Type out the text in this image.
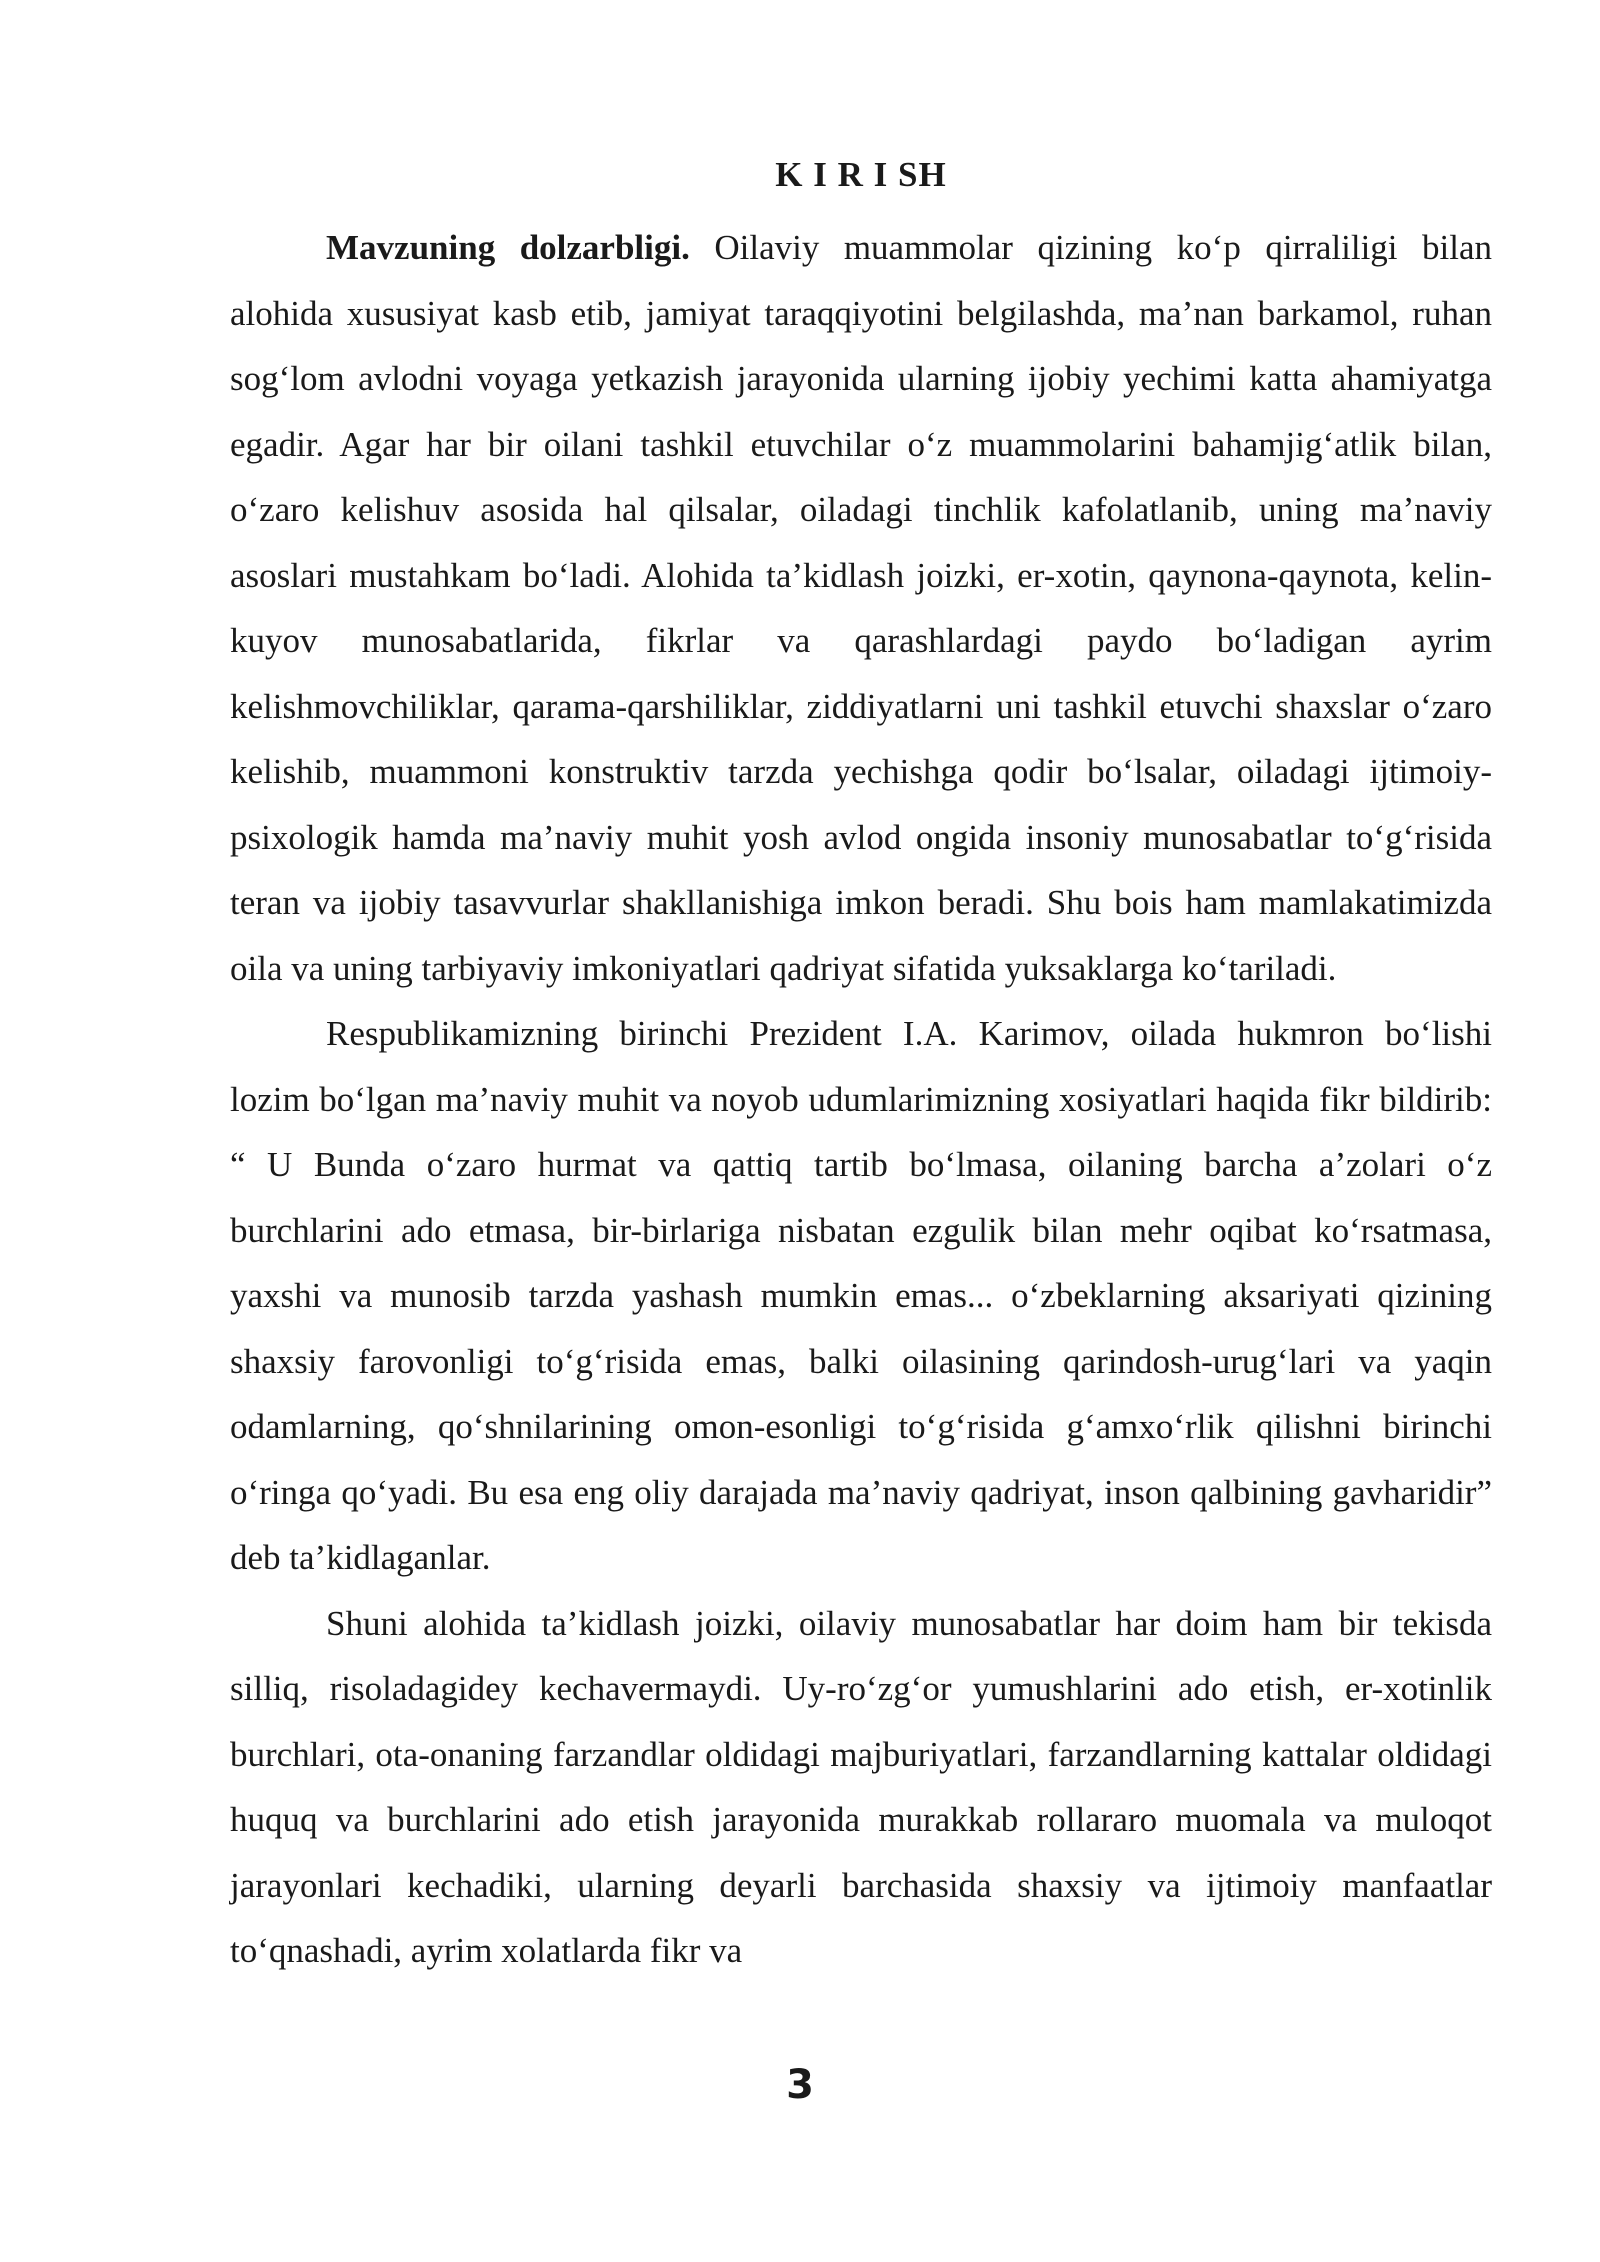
K I R I SH

Mavzuning dolzarbligi. Oilaviy muammolar qizining ko‘p qirraliligi bilan alohida xususiyat kasb etib, jamiyat taraqqiyotini belgilashda, ma’nan barkamol, ruhan sog‘lom avlodni voyaga yetkazish jarayonida ularning ijobiy yechimi katta ahamiyatga egadir. Agar har bir oilani tashkil etuvchilar o‘z muammolarini bahamjig‘atlik bilan, o‘zaro kelishuv asosida hal qilsalar, oiladagi tinchlik kafolatlanib, uning ma’naviy asoslari mustahkam bo‘ladi. Alohida ta’kidlash joizki, er-xotin, qaynona-qaynota, kelin-kuyov munosabatlarida, fikrlar va qarashlardagi paydo bo‘ladigan ayrim kelishmovchiliklar, qarama-qarshiliklar, ziddiyatlarni uni tashkil etuvchi shaxslar o‘zaro kelishib, muammoni konstruktiv tarzda yechishga qodir bo‘lsalar, oiladagi ijtimoiy-psixologik hamda ma’naviy muhit yosh avlod ongida insoniy munosabatlar to‘g‘risida teran va ijobiy tasavvurlar shakllanishiga imkon beradi. Shu bois ham mamlakatimizda oila va uning tarbiyaviy imkoniyatlari qadriyat sifatida yuksaklarga ko‘tariladi.

Respublikamizning birinchi Prezident I.A. Karimov, oilada hukmron bo‘lishi lozim bo‘lgan ma’naviy muhit va noyob udumlarimizning xosiyatlari haqida fikr bildirib: “ U Bunda o‘zaro hurmat va qattiq tartib bo‘lmasa, oilaning barcha a’zolari o‘z burchlarini ado etmasa, bir-birlariga nisbatan ezgulik bilan mehr oqibat ko‘rsatmasa, yaxshi va munosib tarzda yashash mumkin emas... o‘zbeklarning aksariyati qizining shaxsiy farovonligi to‘g‘risida emas, balki oilasining qarindosh-urug‘lari va yaqin odamlarning, qo‘shnilarining omon-esonligi to‘g‘risida g‘amxo‘rlik qilishni birinchi o‘ringa qo‘yadi. Bu esa eng oliy darajada ma’naviy qadriyat, inson qalbining gavharidir” deb ta’kidlaganlar.

Shuni alohida ta’kidlash joizki, oilaviy munosabatlar har doim ham bir tekisda silliq, risoladagidey kechavermaydi. Uy-ro‘zg‘or yumushlarini ado etish, er-xotinlik burchlari, ota-onaning farzandlar oldidagi majburiyatlari, farzandlarning kattalar oldidagi huquq va burchlarini ado etish jarayonida murakkab rollararo muomala va muloqot jarayonlari kechadiki, ularning deyarli barchasida shaxsiy va ijtimoiy manfaatlar to‘qnashadi, ayrim xolatlarda fikr va

3
